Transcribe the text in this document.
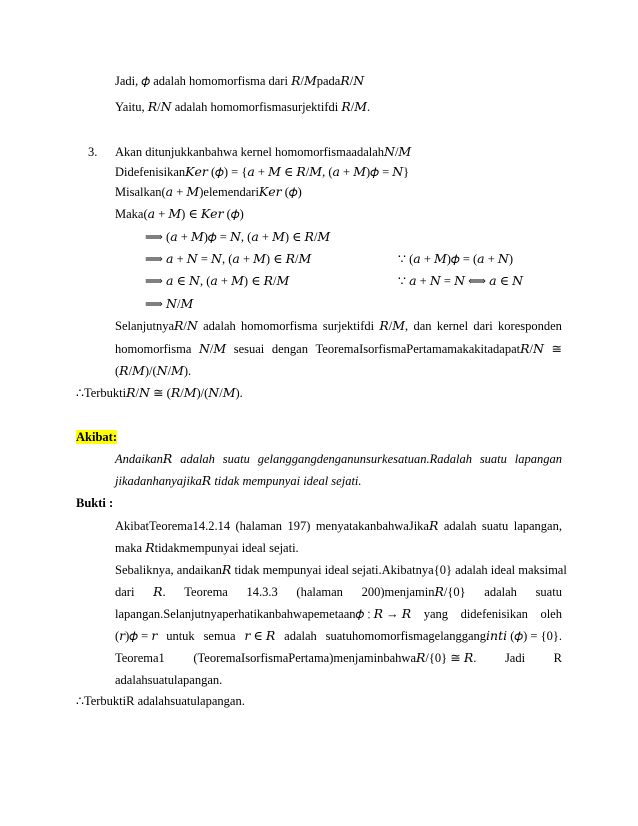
Jadi, 𝜙 adalah homomorfisma dari 𝑅/𝑀pada𝑅/𝑁
Yaitu, 𝑅/𝑁 adalah homomorfismasurjektifdi 𝑅/𝑀.
3. Akan ditunjukkanbahwa kernel homomorfismaadalah𝑁/𝑀
Didefenisikan𝐾𝑒𝑟 (𝜙) = {𝑎 + 𝑀 ∈ 𝑅/𝑀, (𝑎 + 𝑀)𝜙 = 𝑁}
Misalkan(𝑎 + 𝑀)elemendari𝐾𝑒𝑟 (𝜙)
Maka(𝑎 + 𝑀) ∈ 𝐾𝑒𝑟 (𝜙)
⟹ (𝑎 + 𝑀)𝜙 = 𝑁, (𝑎 + 𝑀) ∈ 𝑅/𝑀
⟹ 𝑎 + 𝑁 = 𝑁, (𝑎 + 𝑀) ∈ 𝑅/𝑀	∵ (𝑎 + 𝑀)𝜙 = (𝑎 + 𝑁)
⟹ 𝑎 ∈ 𝑁, (𝑎 + 𝑀) ∈ 𝑅/𝑀	∵ 𝑎 + 𝑁 = 𝑁 ⟺ 𝑎 ∈ 𝑁
⟹ 𝑁/𝑀
Selanjutnya𝑅/𝑁 adalah homomorfisma surjektifdi 𝑅/𝑀, dan kernel dari koresponden
homomorfisma 𝑁/𝑀 sesuai dengan TeoremaIsorfismaPertamamakakitadapat𝑅/𝑁 ≅
(𝑅/𝑀)/(𝑁/𝑀).
∴Terbukti𝑅/𝑁 ≅ (𝑅/𝑀)/(𝑁/𝑀).
Akibat:
Andaikan𝑅 adalah suatu gelanggangdenganunsurkesatuan.Radalah suatu lapangan
jikadanhanyajika𝑅 tidak mempunyai ideal sejati.
Bukti :
AkibatTeorema14.2.14 (halaman 197) menyatakanbahwaJika𝑅 adalah suatu lapangan,
maka 𝑅tidakmempunyai ideal sejati.
Sebaliknya, andaikan𝑅 tidak mempunyai ideal sejati.Akibatnya{0} adalah ideal maksimal
dari 𝑅. Teorema 14.3.3 (halaman 200)menjamin𝑅/{0} adalah suatu
lapangan.Selanjutnyaperhatikanbahwapemetaan𝜙 ∶ 𝑅 → 𝑅 yang didefenisikan oleh
(𝑟)𝜙 = 𝑟 untuk semua 𝑟 ∈ 𝑅 adalah suatuhomomorfismagelanggang𝑖𝑛𝑡𝑖 (𝜙) = {0}.
Teorema1 (TeoremaIsorfismaPertama)menjaminbahwa𝑅/{0} ≅ 𝑅. Jadi R
adalahsuatulapangan.
∴TerbuktiR adalahsuatulapangan.
